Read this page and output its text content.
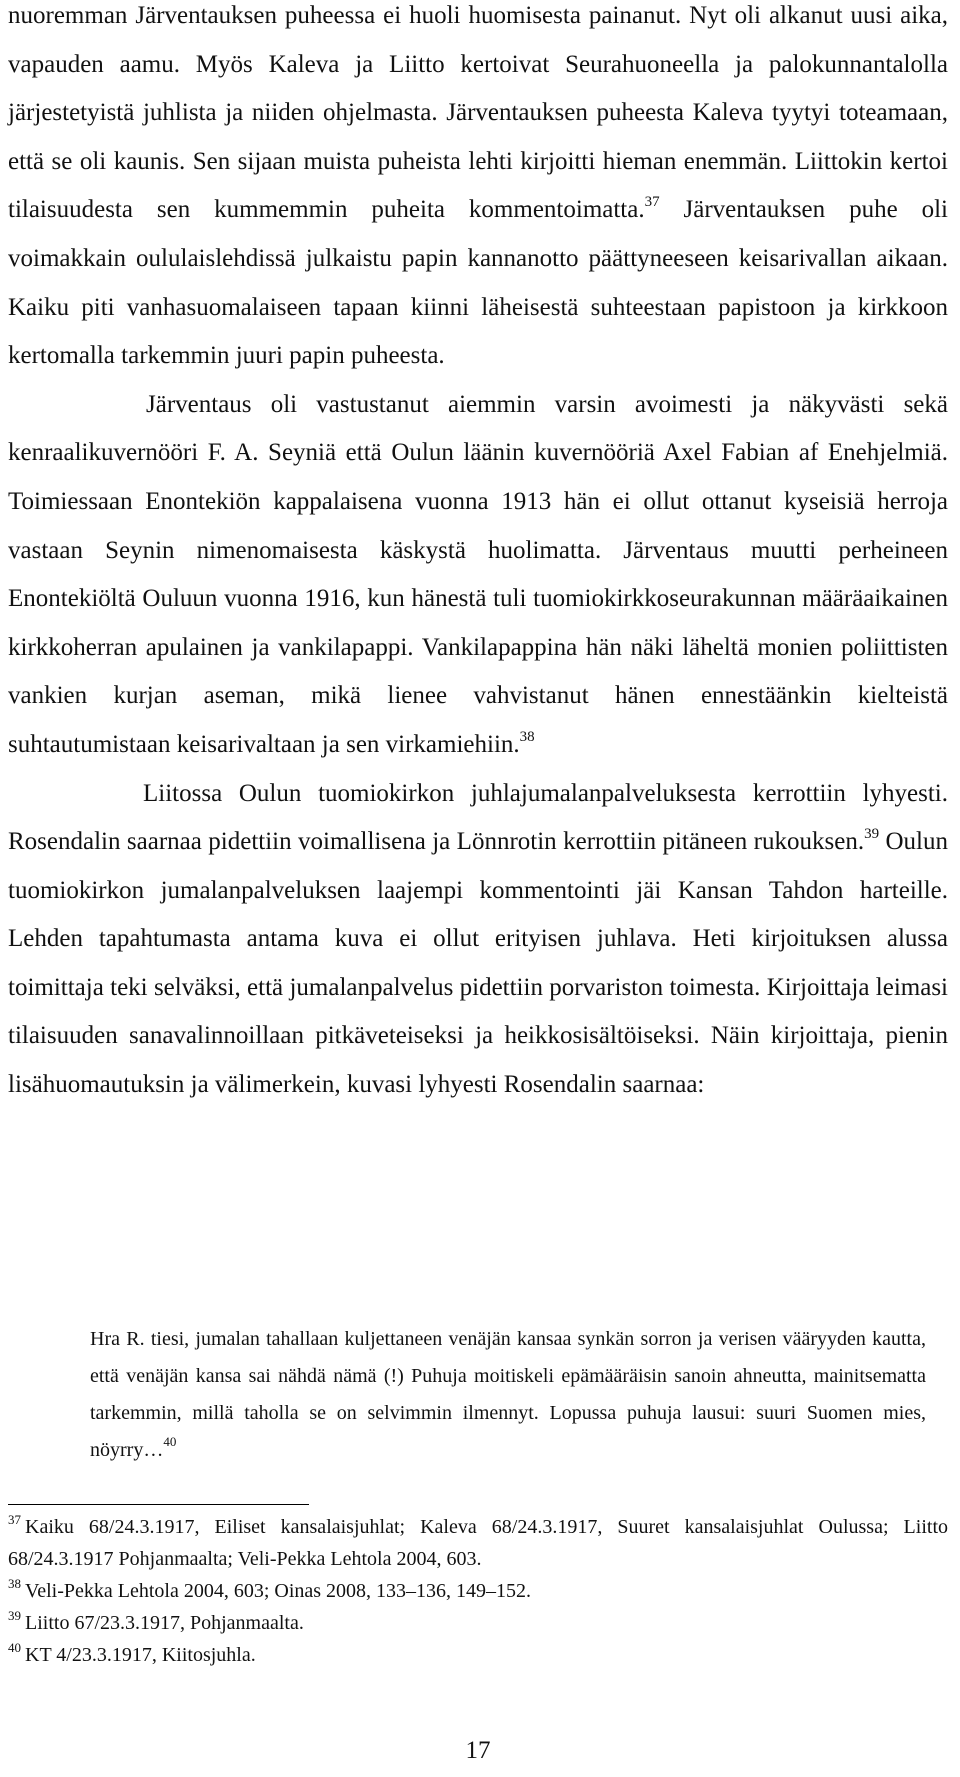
nuoremman Järventauksen puheessa ei huoli huomisesta painanut. Nyt oli alkanut uusi aika, vapauden aamu. Myös Kaleva ja Liitto kertoivat Seurahuoneella ja palokunnantalolla järjestetyistä juhlista ja niiden ohjelmasta. Järventauksen puheesta Kaleva tyytyi toteamaan, että se oli kaunis. Sen sijaan muista puheista lehti kirjoitti hieman enemmän. Liittokin kertoi tilaisuudesta sen kummemmin puheita kommentoimatta.$^{37}$ Järventauksen puhe oli voimakkain oululaislehdissä julkaistu papin kannanotto päättyneeseen keisarivallan aikaan. Kaiku piti vanhasuomalaiseen tapaan kiinni läheisestä suhteestaan papistoon ja kirkkoon kertomalla tarkemmin juuri papin puheesta.

Järventaus oli vastustanut aiemmin varsin avoimesti ja näkyvästi sekä kenraalikuvernööri F. A. Seyniä että Oulun läänin kuvernööriä Axel Fabian af Enehjelmiä. Toimiessaan Enontekiön kappalaisena vuonna 1913 hän ei ollut ottanut kyseisiä herroja vastaan Seynin nimenomaisesta käskystä huolimatta. Järventaus muutti perheineen Enontekiöltä Ouluun vuonna 1916, kun hänestä tuli tuomiokirkkoseurakunnan määräaikainen kirkkoherran apulainen ja vankilapappi. Vankilapappina hän näki läheltä monien poliittisten vankien kurjan aseman, mikä lienee vahvistanut hänen ennestäänkin kielteistä suhtautumistaan keisarivaltaan ja sen virkamiehiin.$^{38}$

Liitossa Oulun tuomiokirkon juhlajumalanpalveluksesta kerrottiin lyhyesti. Rosendalin saarnaa pidettiin voimallisena ja Lönnrotin kerrottiin pitäneen rukouksen.$^{39}$ Oulun tuomiokirkon jumalanpalveluksen laajempi kommentointi jäi Kansan Tahdon harteille. Lehden tapahtumasta antama kuva ei ollut erityisen juhlava. Heti kirjoituksen alussa toimittaja teki selväksi, että jumalanpalvelus pidettiin porvariston toimesta. Kirjoittaja leimasi tilaisuuden sanavalinnoillaan pitkäveteiseksi ja heikkosisältöiseksi. Näin kirjoittaja, pienin lisähuomautuksin ja välimerkein, kuvasi lyhyesti Rosendalin saarnaa:

Hra R. tiesi, jumalan tahallaan kuljettaneen venäjän kansaa synkän sorron ja verisen vääryyden kautta, että venäjän kansa sai nähdä nämä (!) Puhuja moitiskeli epämääräisin sanoin ahneutta, mainitsematta tarkemmin, millä taholla se on selvimmin ilmennyt. Lopussa puhuja lausui: suuri Suomen mies, nöyrry…$^{40}$

$^{37}$ Kaiku 68/24.3.1917, Eiliset kansalaisjuhlat; Kaleva 68/24.3.1917, Suuret kansalaisjuhlat Oulussa; Liitto 68/24.3.1917 Pohjanmaalta; Veli-Pekka Lehtola 2004, 603.

$^{38}$ Veli-Pekka Lehtola 2004, 603; Oinas 2008, 133–136, 149–152.

$^{39}$ Liitto 67/23.3.1917, Pohjanmaalta.

$^{40}$ KT 4/23.3.1917, Kiitosjuhla.

17
